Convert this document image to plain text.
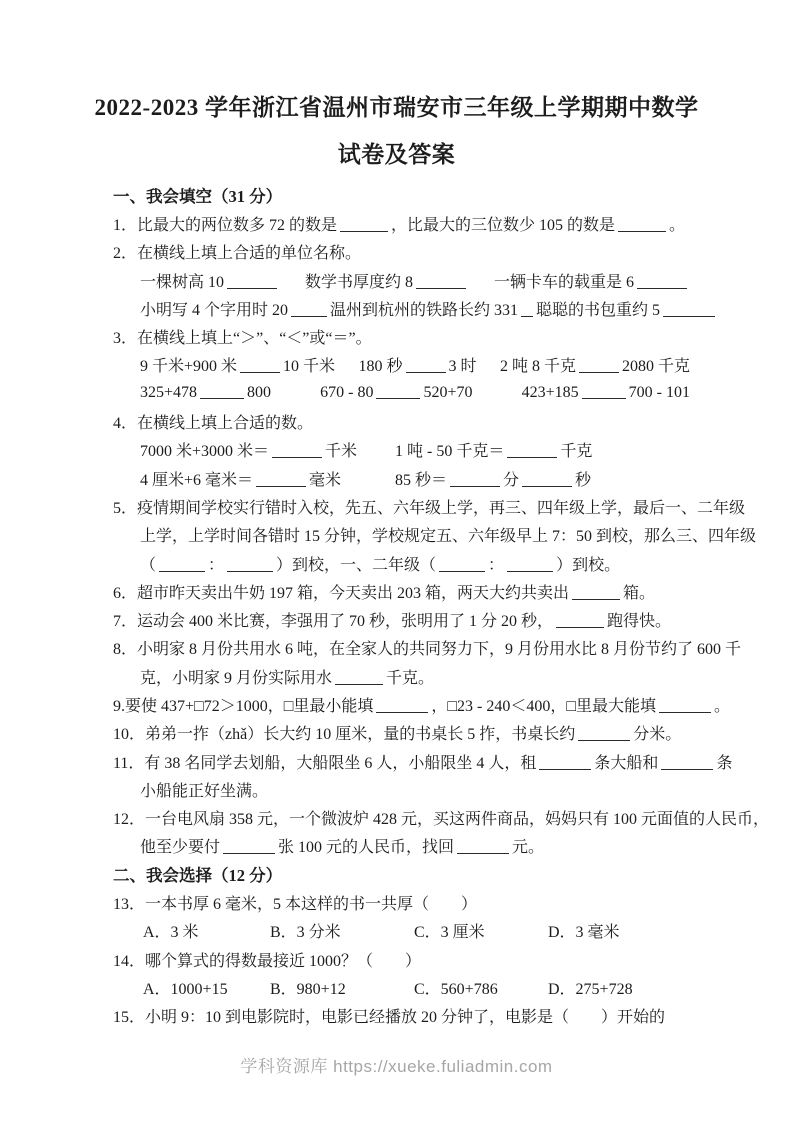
2022-2023 学年浙江省温州市瑞安市三年级上学期期中数学
试卷及答案
一、我会填空（31 分）
1．比最大的两位数多 72 的数是	，比最大的三位数少 105 的数是	。
2．在横线上填上合适的单位名称。
一棵树高 10	数学书厚度约 8	一辆卡车的载重是 6
小明写 4 个字用时 20	温州到杭州的铁路长约 331 聪聪的书包重约 5
3．在横线上填上“＞”、“＜”或“＝”。
9 千米+900 米	10 千米 180 秒	3 时 2 吨 8 千克	2080 千克
325+478	800	670 - 80	520+70	423+185	700 - 101
4．在横线上填上合适的数。
7000 米+3000 米＝	千米 1 吨 - 50 千克＝	千克
4 厘米+6 毫米＝	毫米	85 秒＝	分	秒
5．疫情期间学校实行错时入校，先五、六年级上学，再三、四年级上学，最后一、二年级
上学，上学时间各错时 15 分钟，学校规定五、六年级早上 7：50 到校，那么三、四年级
（	：	）到校，一、二年级（	：	）到校。
6．超市昨天卖出牛奶 197 箱，今天卖出 203 箱，两天大约共卖出	箱。
7．运动会 400 米比赛，李强用了 70 秒，张明用了 1 分 20 秒，	跑得快。
8．小明家 8 月份共用水 6 吨，在全家人的共同努力下，9 月份用水比 8 月份节约了 600 千
克，小明家 9 月份实际用水	千克。
9.要使 437+□72＞1000，□里最小能填	，□23 - 240＜400，□里最大能填	。
10．弟弟一拃（zhǎ）长大约 10 厘米，量的书桌长 5 拃，书桌长约	分米。
11．有 38 名同学去划船，大船限坐 6 人，小船限坐 4 人，租	条大船和	条
小船能正好坐满。
12．一台电风扇 358 元，一个微波炉 428 元，买这两件商品，妈妈只有 100 元面值的人民币，
他至少要付	张 100 元的人民币，找回	元。
二、我会选择（12 分）
13．一本书厚 6 毫米，5 本这样的书一共厚（　　）
A．3 米	B．3 分米	C．3 厘米	D．3 毫米
14．哪个算式的得数最接近 1000？（　　）
A．1000+15	B．980+12	C．560+786	D．275+728
15．小明 9：10 到电影院时，电影已经播放 20 分钟了，电影是（　　）开始的
学科资源库 https://xueke.fuliadmin.com
